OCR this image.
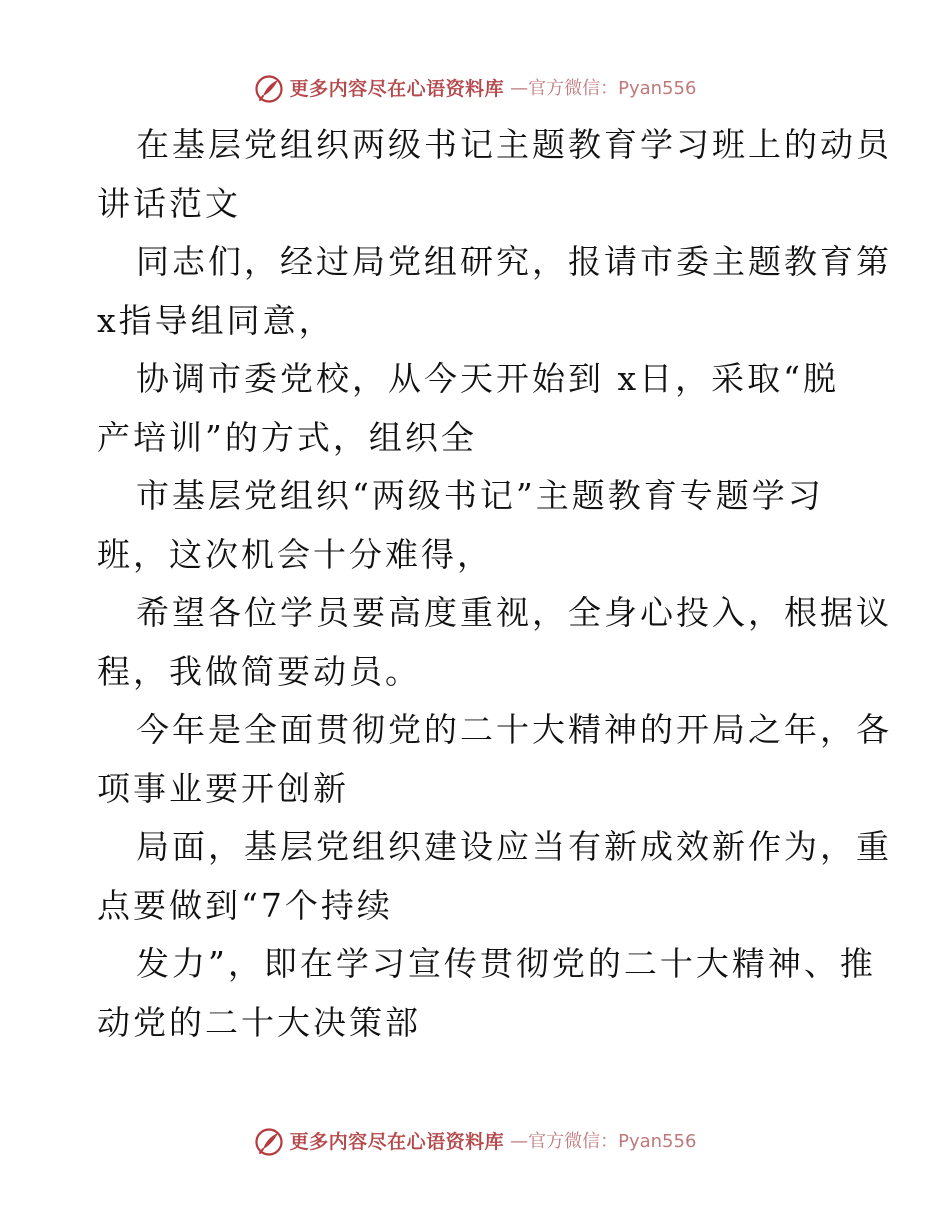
更多内容尽在心语资料库 —官方微信：Pyan556

在基层党组织两级书记主题教育学习班上的动员
讲话范文

同志们，经过局党组研究，报请市委主题教育第
x指导组同意，

协调市委党校，从今天开始到 x日，采取“脱
产培训”的方式，组织全

市基层党组织“两级书记”主题教育专题学习
班，这次机会十分难得，

希望各位学员要高度重视，全身心投入，根据议
程，我做简要动员。

今年是全面贯彻党的二十大精神的开局之年，各
项事业要开创新

局面，基层党组织建设应当有新成效新作为，重
点要做到“7个持续

发力”，即在学习宣传贯彻党的二十大精神、推
动党的二十大决策部

更多内容尽在心语资料库 —官方微信：Pyan556
